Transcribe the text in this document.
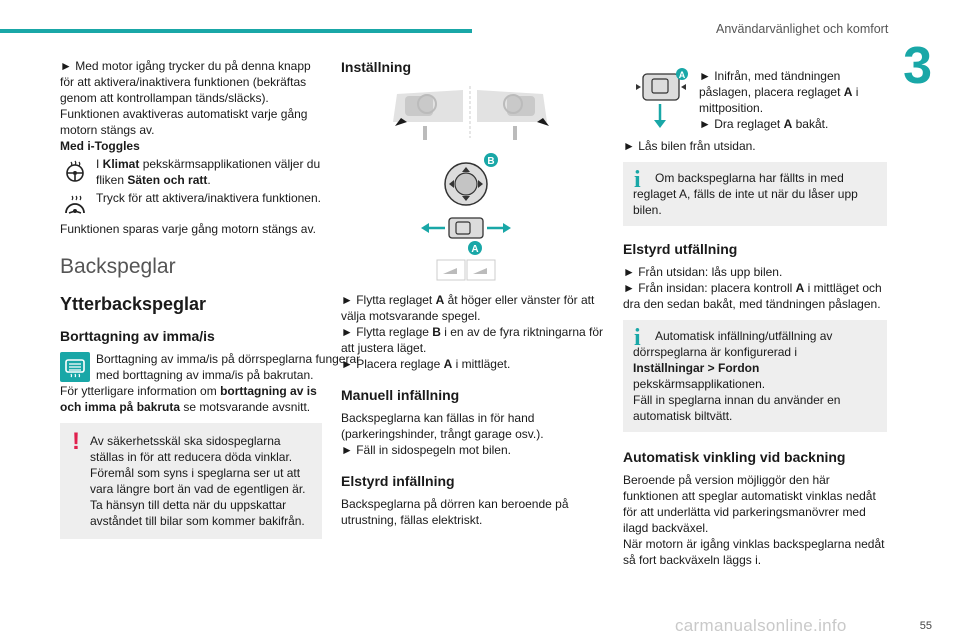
Användarvänlighet och komfort
3

► Med motor igång trycker du på denna knapp för att aktivera/inaktivera funktionen (bekräftas genom att kontrollampan tänds/släcks).

Funktionen avaktiveras automatiskt varje gång motorn stängs av.

Med i-Toggles

I Klimat pekskärmsapplikationen väljer du fliken Säten och ratt.

Tryck för att aktivera/inaktivera funktionen.

Funktionen sparas varje gång motorn stängs av.

Backspeglar
Ytterbackspeglar
Borttagning av imma/is

Borttagning av imma/is på dörrspeglarna fungerar med borttagning av imma/is på bakrutan.

För ytterligare information om borttagning av is och imma på bakruta se motsvarande avsnitt.

! Av säkerhetsskäl ska sidospeglarna ställas in för att reducera döda vinklar. Föremål som syns i speglarna ser ut att vara längre bort än vad de egentligen är. Ta hänsyn till detta när du uppskattar avståndet till bilar som kommer bakifrån.

Inställning
B
A

► Flytta reglaget A åt höger eller vänster för att välja motsvarande spegel.

► Flytta reglage B i en av de fyra riktningarna för att justera läget.

► Placera reglage A i mittläget.

Manuell infällning

Backspeglarna kan fällas in för hand (parkeringshinder, trångt garage osv.).

► Fäll in sidospegeln mot bilen.

Elstyrd infällning

Backspeglarna på dörren kan beroende på utrustning, fällas elektriskt.

A ► Inifrån, med tändningen påslagen, placera reglaget A i mittposition.

► Dra reglaget A bakåt.

► Lås bilen från utsidan.

i	Om backspeglarna har fällts in med reglaget A, fälls de inte ut när du låser upp bilen.

Elstyrd utfällning

► Från utsidan: lås upp bilen.

► Från insidan: placera kontroll A i mittläget och dra den sedan bakåt, med tändningen påslagen.

i	Automatisk infällning/utfällning av dörrspeglarna är konfigurerad i

Inställningar > Fordon

pekskärmsapplikationen.

Fäll in speglarna innan du använder en automatisk biltvätt.

Automatisk vinkling vid backning

Beroende på version möjliggör den här funktionen att speglar automatiskt vinklas nedåt för att underlätta vid parkeringsmanövrer med ilagd backväxel.

När motorn är igång vinklas backspeglarna nedåt så fort backväxeln läggs i.

carmanualsonline.info	55
